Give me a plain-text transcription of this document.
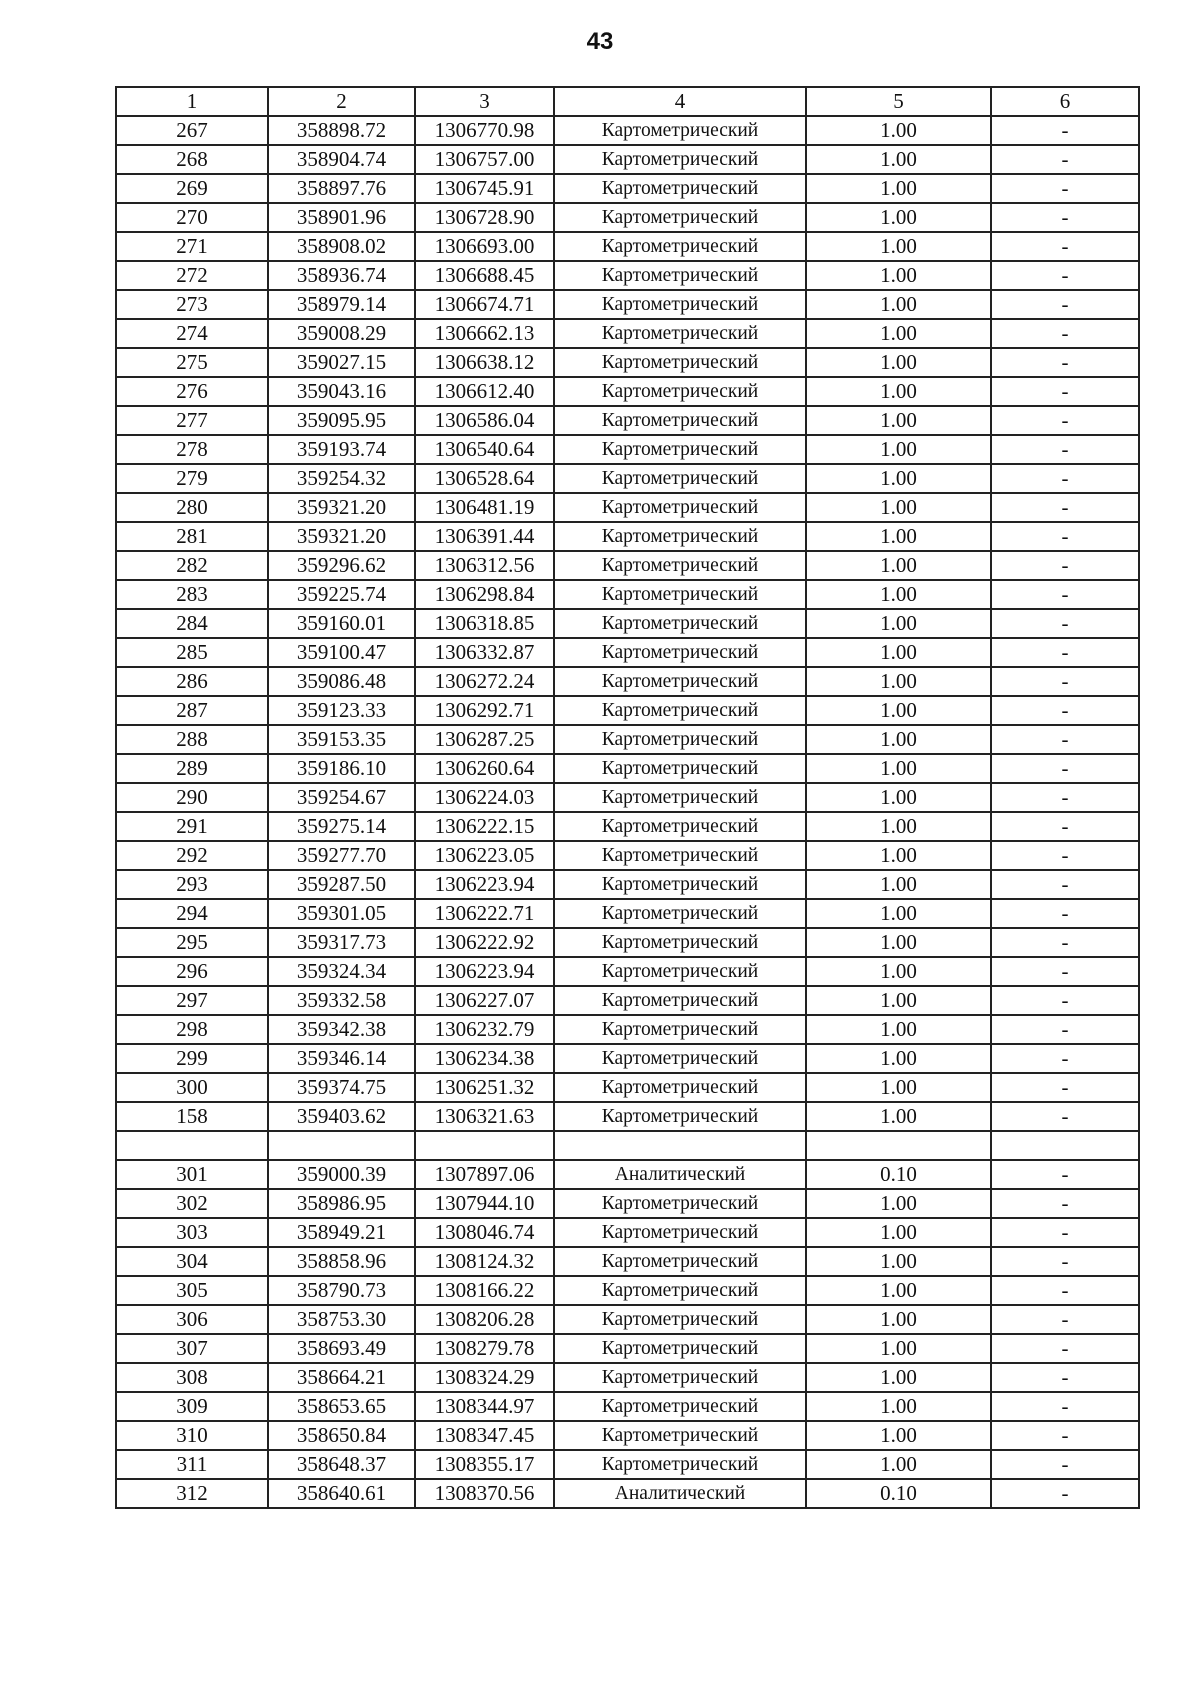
43
1	2	3	4	5	6
267	358898.72	1306770.98	Картометрический	1.00	-
268	358904.74	1306757.00	Картометрический	1.00	-
269	358897.76	1306745.91	Картометрический	1.00	-
270	358901.96	1306728.90	Картометрический	1.00	-
271	358908.02	1306693.00	Картометрический	1.00	-
272	358936.74	1306688.45	Картометрический	1.00	-
273	358979.14	1306674.71	Картометрический	1.00	-
274	359008.29	1306662.13	Картометрический	1.00	-
275	359027.15	1306638.12	Картометрический	1.00	-
276	359043.16	1306612.40	Картометрический	1.00	-
277	359095.95	1306586.04	Картометрический	1.00	-
278	359193.74	1306540.64	Картометрический	1.00	-
279	359254.32	1306528.64	Картометрический	1.00	-
280	359321.20	1306481.19	Картометрический	1.00	-
281	359321.20	1306391.44	Картометрический	1.00	-
282	359296.62	1306312.56	Картометрический	1.00	-
283	359225.74	1306298.84	Картометрический	1.00	-
284	359160.01	1306318.85	Картометрический	1.00	-
285	359100.47	1306332.87	Картометрический	1.00	-
286	359086.48	1306272.24	Картометрический	1.00	-
287	359123.33	1306292.71	Картометрический	1.00	-
288	359153.35	1306287.25	Картометрический	1.00	-
289	359186.10	1306260.64	Картометрический	1.00	-
290	359254.67	1306224.03	Картометрический	1.00	-
291	359275.14	1306222.15	Картометрический	1.00	-
292	359277.70	1306223.05	Картометрический	1.00	-
293	359287.50	1306223.94	Картометрический	1.00	-
294	359301.05	1306222.71	Картометрический	1.00	-
295	359317.73	1306222.92	Картометрический	1.00	-
296	359324.34	1306223.94	Картометрический	1.00	-
297	359332.58	1306227.07	Картометрический	1.00	-
298	359342.38	1306232.79	Картометрический	1.00	-
299	359346.14	1306234.38	Картометрический	1.00	-
300	359374.75	1306251.32	Картометрический	1.00	-
158	359403.62	1306321.63	Картометрический	1.00	-

301	359000.39	1307897.06	Аналитический	0.10	-
302	358986.95	1307944.10	Картометрический	1.00	-
303	358949.21	1308046.74	Картометрический	1.00	-
304	358858.96	1308124.32	Картометрический	1.00	-
305	358790.73	1308166.22	Картометрический	1.00	-
306	358753.30	1308206.28	Картометрический	1.00	-
307	358693.49	1308279.78	Картометрический	1.00	-
308	358664.21	1308324.29	Картометрический	1.00	-
309	358653.65	1308344.97	Картометрический	1.00	-
310	358650.84	1308347.45	Картометрический	1.00	-
311	358648.37	1308355.17	Картометрический	1.00	-
312	358640.61	1308370.56	Аналитический	0.10	-
